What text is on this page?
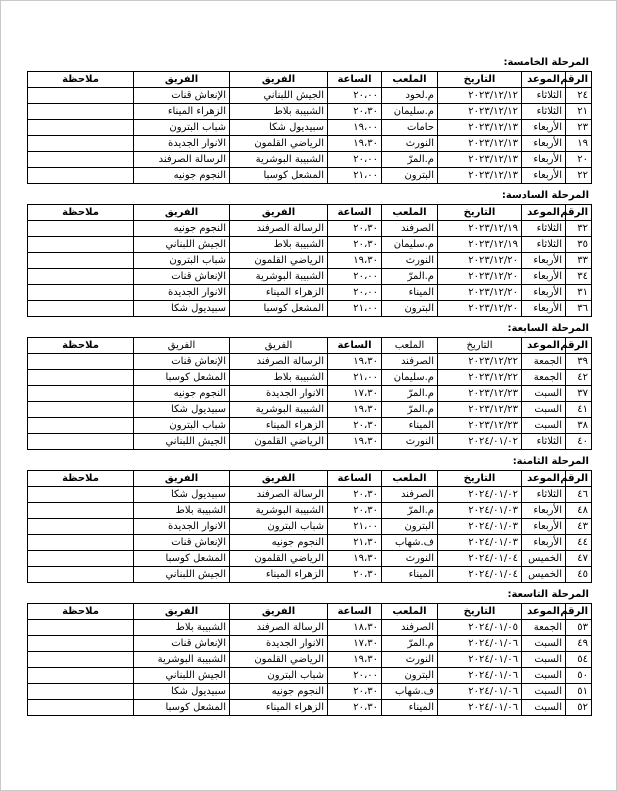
المرحلة الخامسة:
الرقم	الموعد	التاريخ	الملعب	الساعة	الفريق	الفريق	ملاحظة
٢٤	الثلاثاء	٢٠٢٣/١٢/١٢	م.لحود	٢٠،٠٠	الجيش اللبناني	الإنعاش قنات	
٢١	الثلاثاء	٢٠٢٣/١٢/١٢	م.سليمان	٢٠،٣٠	الشبيبة بلاط	الزهراء الميناء	
٢٣	الأربعاء	٢٠٢٣/١٢/١٣	حامات	١٩،٠٠	سبيديول شكا	شباب البترون	
١٩	الأربعاء	٢٠٢٣/١٢/١٣	النورث	١٩،٣٠	الرياضي القلمون	الانوار الجديدة	
٢٠	الأربعاء	٢٠٢٣/١٢/١٣	م.المرّ	٢٠،٠٠	الشبيبة البوشرية	الرسالة الصرفند	
٢٢	الأربعاء	٢٠٢٣/١٢/١٣	البترون	٢١،٠٠	المشعل كوسبا	النجوم جونيه	
المرحلة السادسة:
الرقم	الموعد	التاريخ	الملعب	الساعة	الفريق	الفريق	ملاحظة
٣٢	الثلاثاء	٢٠٢٣/١٢/١٩	الصرفند	٢٠،٣٠	الرسالة الصرفند	النجوم جونيه	
٣٥	الثلاثاء	٢٠٢٣/١٢/١٩	م.سليمان	٢٠،٣٠	الشبيبة بلاط	الجيش اللبناني	
٣٣	الأربعاء	٢٠٢٣/١٢/٢٠	النورث	١٩،٣٠	الرياضي القلمون	شباب البترون	
٣٤	الأربعاء	٢٠٢٣/١٢/٢٠	م.المرّ	٢٠،٠٠	الشبيبة البوشرية	الإنعاش قنات	
٣١	الأربعاء	٢٠٢٣/١٢/٢٠	الميناء	٢٠،٠٠	الزهراء الميناء	الانوار الجديدة	
٣٦	الأربعاء	٢٠٢٣/١٢/٢٠	البترون	٢١،٠٠	المشعل كوسبا	سبيديول شكا	
المرحلة السابعة:
الرقم	الموعد	التاريخ	الملعب	الساعة	الفريق	الفريق	ملاحظة
٣٩	الجمعة	٢٠٢٣/١٢/٢٢	الصرفند	١٩،٣٠	الرسالة الصرفند	الإنعاش قنات	
٤٢	الجمعة	٢٠٢٣/١٢/٢٢	م.سليمان	٢١،٠٠	الشبيبة بلاط	المشعل كوسبا	
٣٧	السبت	٢٠٢٣/١٢/٢٣	م.المرّ	١٧،٣٠	الانوار الجديدة	النجوم جونيه	
٤١	السبت	٢٠٢٣/١٢/٢٣	م.المرّ	١٩،٣٠	الشبيبة البوشرية	سبيديول شكا	
٣٨	السبت	٢٠٢٣/١٢/٢٣	الميناء	٢٠،٣٠	الزهراء الميناء	شباب البترون	
٤٠	الثلاثاء	٢٠٢٤/٠١/٠٢	النورث	١٩،٣٠	الرياضي القلمون	الجيش اللبناني	
المرحلة الثامنة:
الرقم	الموعد	التاريخ	الملعب	الساعة	الفريق	الفريق	ملاحظة
٤٦	الثلاثاء	٢٠٢٤/٠١/٠٢	الصرفند	٢٠،٣٠	الرسالة الصرفند	سبيديول شكا	
٤٨	الأربعاء	٢٠٢٤/٠١/٠٣	م.المرّ	٢٠،٣٠	الشبيبة البوشرية	الشبيبة بلاط	
٤٣	الأربعاء	٢٠٢٤/٠١/٠٣	البترون	٢١،٠٠	شباب البترون	الانوار الجديدة	
٤٤	الأربعاء	٢٠٢٤/٠١/٠٣	ف.شهاب	٢١،٣٠	النجوم جونيه	الإنعاش قنات	
٤٧	الخميس	٢٠٢٤/٠١/٠٤	النورث	١٩،٣٠	الرياضي القلمون	المشعل كوسبا	
٤٥	الخميس	٢٠٢٤/٠١/٠٤	الميناء	٢٠،٣٠	الزهراء الميناء	الجيش اللبناني	
المرحلة التاسعة:
الرقم	الموعد	التاريخ	الملعب	الساعة	الفريق	الفريق	ملاحظة
٥٣	الجمعة	٢٠٢٤/٠١/٠٥	الصرفند	١٨،٣٠	الرسالة الصرفند	الشبيبة بلاط	
٤٩	السبت	٢٠٢٤/٠١/٠٦	م.المرّ	١٧،٣٠	الانوار الجديدة	الإنعاش قنات	
٥٤	السبت	٢٠٢٤/٠١/٠٦	النورث	١٩،٣٠	الرياضي القلمون	الشبيبة البوشرية	
٥٠	السبت	٢٠٢٤/٠١/٠٦	البترون	٢٠،٠٠	شباب البترون	الجيش اللبناني	
٥١	السبت	٢٠٢٤/٠١/٠٦	ف.شهاب	٢٠،٣٠	النجوم جونيه	سبيديول شكا	
٥٢	السبت	٢٠٢٤/٠١/٠٦	الميناء	٢٠،٣٠	الزهراء الميناء	المشعل كوسبا	
